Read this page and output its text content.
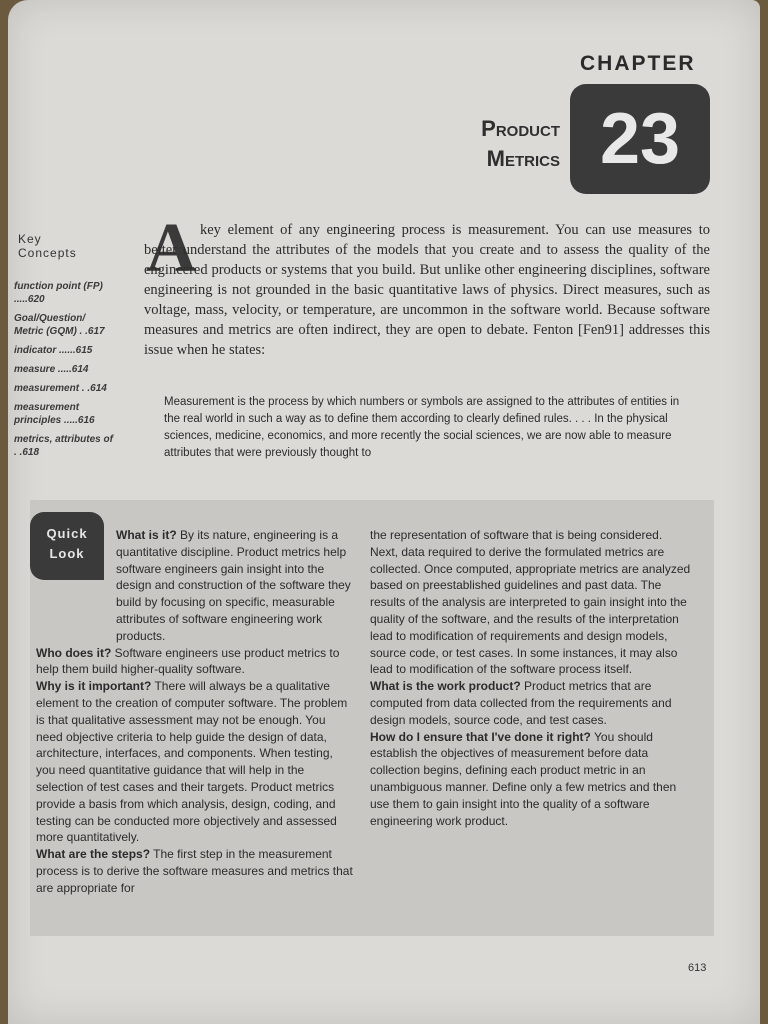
CHAPTER
23
Product
Metrics
Key
Concepts
function point (FP) .....620
Goal/Question/ Metric (GQM) . .617
indicator ......615
measure .....614
measurement . .614
measurement principles .....616
metrics, attributes of . .618
A key element of any engineering process is measurement. You can use measures to better understand the attributes of the models that you create and to assess the quality of the engineered products or systems that you build. But unlike other engineering disciplines, software engineering is not grounded in the basic quantitative laws of physics. Direct measures, such as voltage, mass, velocity, or temperature, are uncommon in the software world. Because software measures and metrics are often indirect, they are open to debate. Fenton [Fen91] addresses this issue when he states:
Measurement is the process by which numbers or symbols are assigned to the attributes of entities in the real world in such a way as to define them according to clearly defined rules. . . . In the physical sciences, medicine, economics, and more recently the social sciences, we are now able to measure attributes that were previously thought to
Quick
Look

What is it? By its nature, engineering is a quantitative discipline. Product metrics help software engineers gain insight into the design and construction of the software they build by focusing on specific, measurable attributes of software engineering work products.

Who does it? Software engineers use product metrics to help them build higher-quality software.

Why is it important? There will always be a qualitative element to the creation of computer software. The problem is that qualitative assessment may not be enough. You need objective criteria to help guide the design of data, architecture, interfaces, and components. When testing, you need quantitative guidance that will help in the selection of test cases and their targets. Product metrics provide a basis from which analysis, design, coding, and testing can be conducted more objectively and assessed more quantitatively.

What are the steps? The first step in the measurement process is to derive the software measures and metrics that are appropriate for

the representation of software that is being considered. Next, data required to derive the formulated metrics are collected. Once computed, appropriate metrics are analyzed based on preestablished guidelines and past data. The results of the analysis are interpreted to gain insight into the quality of the software, and the results of the interpretation lead to modification of requirements and design models, source code, or test cases. In some instances, it may also lead to modification of the software process itself.

What is the work product? Product metrics that are computed from data collected from the requirements and design models, source code, and test cases.

How do I ensure that I've done it right? You should establish the objectives of measurement before data collection begins, defining each product metric in an unambiguous manner. Define only a few metrics and then use them to gain insight into the quality of a software engineering work product.

613
